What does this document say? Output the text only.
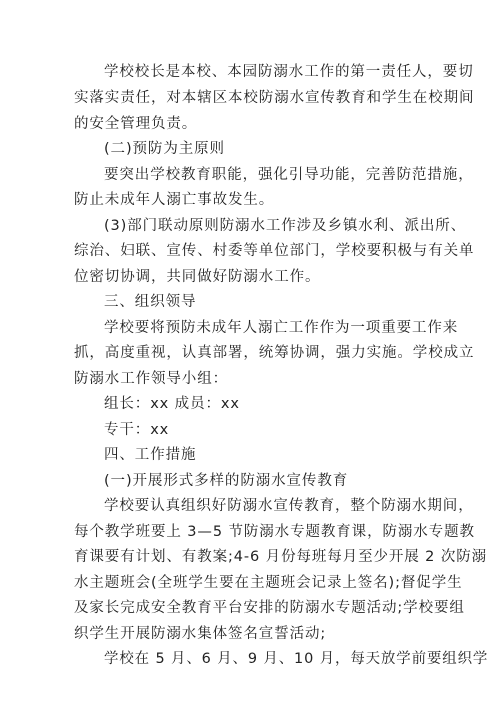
学校校长是本校、本园防溺水工作的第一责任人，要切
实落实责任，对本辖区本校防溺水宣传教育和学生在校期间
的安全管理负责。
(二)预防为主原则
要突出学校教育职能，强化引导功能，完善防范措施，
防止未成年人溺亡事故发生。
(3)部门联动原则防溺水工作涉及乡镇水利、派出所、
综治、妇联、宣传、村委等单位部门，学校要积极与有关单
位密切协调，共同做好防溺水工作。
三、组织领导
学校要将预防未成年人溺亡工作作为一项重要工作来
抓，高度重视，认真部署，统筹协调，强力实施。学校成立
防溺水工作领导小组：
组长：xx 成员：xx
专干：xx
四、工作措施
(一)开展形式多样的防溺水宣传教育
学校要认真组织好防溺水宣传教育，整个防溺水期间，
每个教学班要上 3—5 节防溺水专题教育课，防溺水专题教
育课要有计划、有教案;4-6 月份每班每月至少开展 2 次防溺
水主题班会(全班学生要在主题班会记录上签名);督促学生
及家长完成安全教育平台安排的防溺水专题活动;学校要组
织学生开展防溺水集体签名宣誓活动;
学校在 5 月、6 月、9 月、10 月，每天放学前要组织学
